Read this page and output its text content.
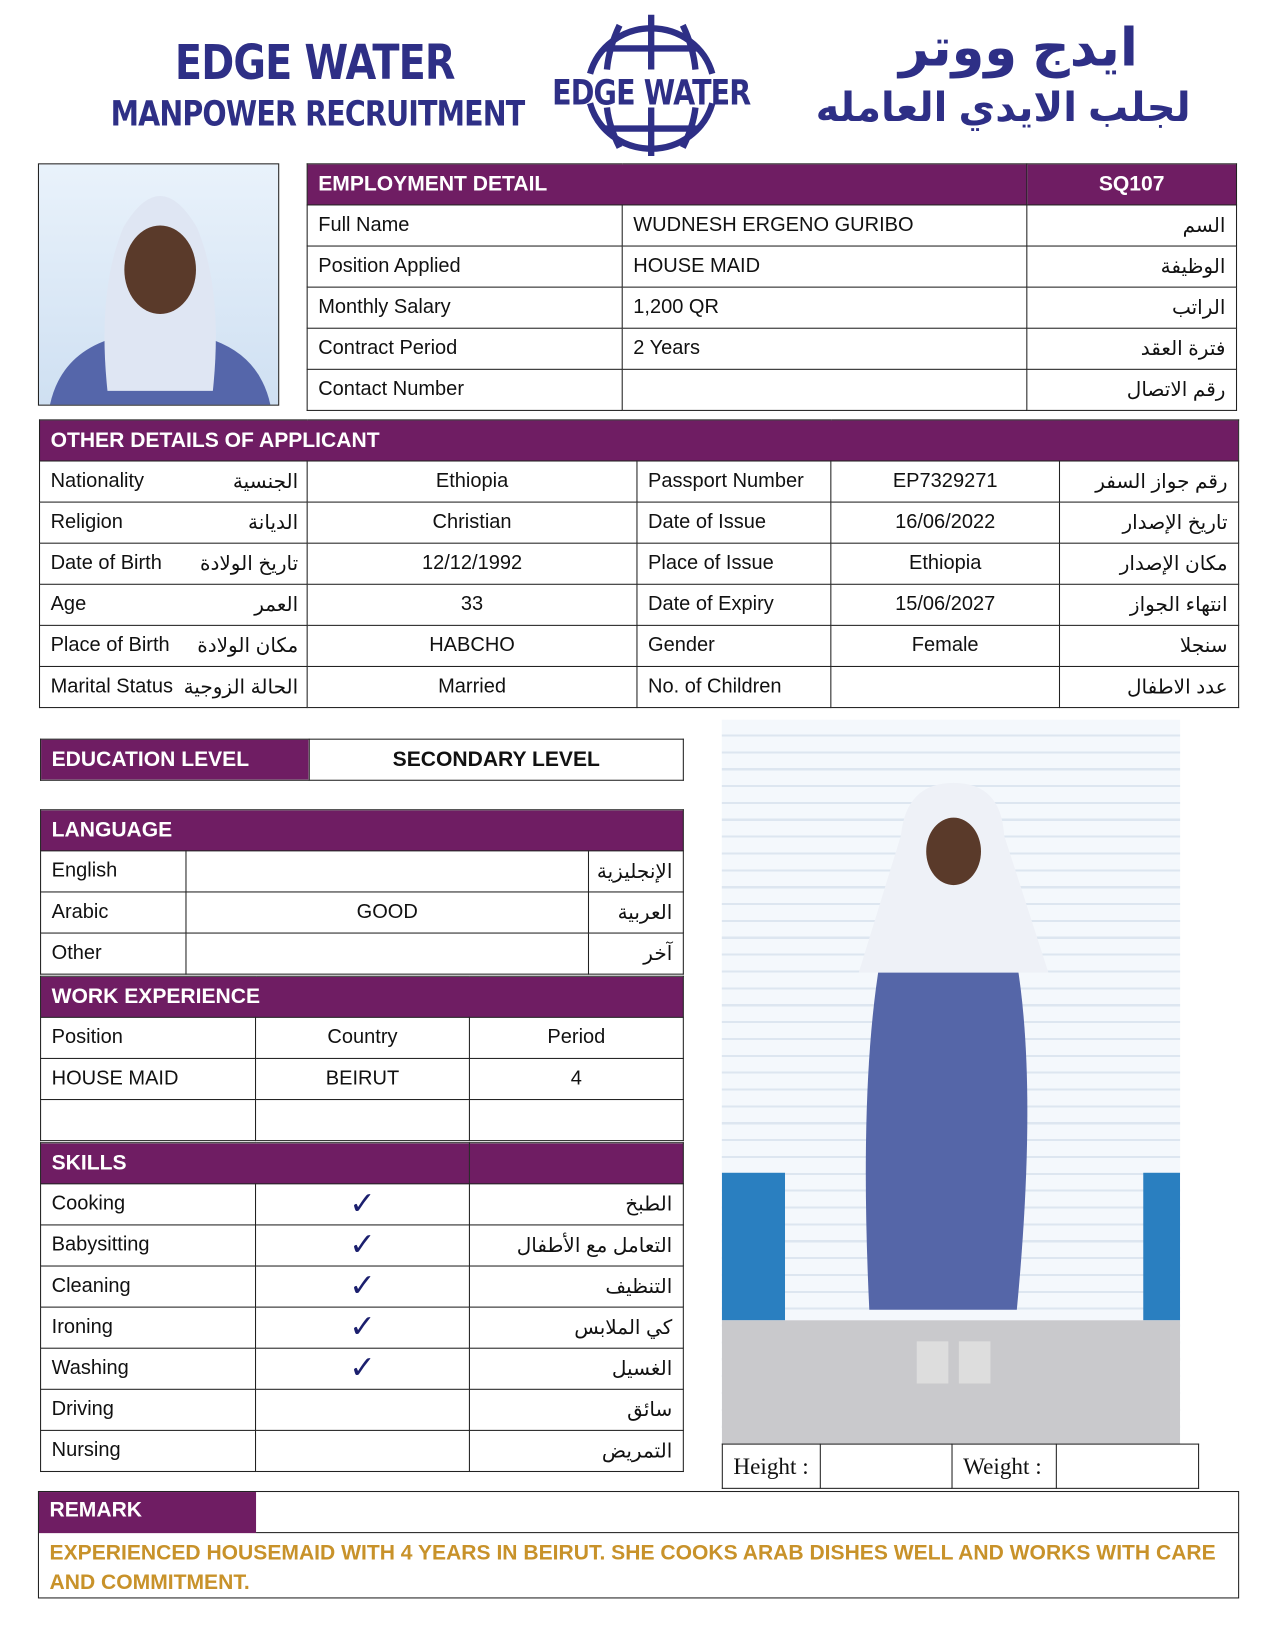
EDGE WATER
MANPOWER RECRUITMENT
EDGE WATER
ايدج ووتر
لجلب الايدي العامله
EMPLOYMENT DETAIL		SQ107
Full Name	WUDNESH ERGENO GURIBO	السم
Position Applied	HOUSE MAID	الوظيفة
Monthly Salary	1,200 QR	الراتب
Contract Period	2 Years	فترة العقد
Contact Number		رقم الاتصال
OTHER DETAILS OF APPLICANT				
Nationality الجنسية	Ethiopia	Passport Number	EP7329271	رقم جواز السفر
Religion الديانة	Christian	Date of Issue	16/06/2022	تاريخ الإصدار
Date of Birth تاريخ الولادة	12/12/1992	Place of Issue	Ethiopia	مكان الإصدار
Age العمر	33	Date of Expiry	15/06/2027	انتهاء الجواز
Place of Birth مكان الولادة	HABCHO	Gender	Female	سنجلا
Marital Status الحالة الزوجية	Married	No. of Children		عدد الاطفال
EDUCATION LEVEL	SECONDARY LEVEL
LANGUAGE		
English		الإنجليزية
Arabic	GOOD	العربية
Other		آخر
WORK EXPERIENCE		
Position	Country	Period
HOUSE MAID	BEIRUT	4

SKILLS		
Cooking	✓	الطبخ
Babysitting	✓	التعامل مع الأطفال
Cleaning	✓	التنظيف
Ironing	✓	كي الملابس
Washing	✓	الغسيل
Driving		سائق
Nursing		التمريض
Height :		Weight :	
REMARK
EXPERIENCED HOUSEMAID WITH 4 YEARS IN BEIRUT. SHE COOKS ARAB DISHES WELL AND WORKS WITH CARE AND COMMITMENT.
